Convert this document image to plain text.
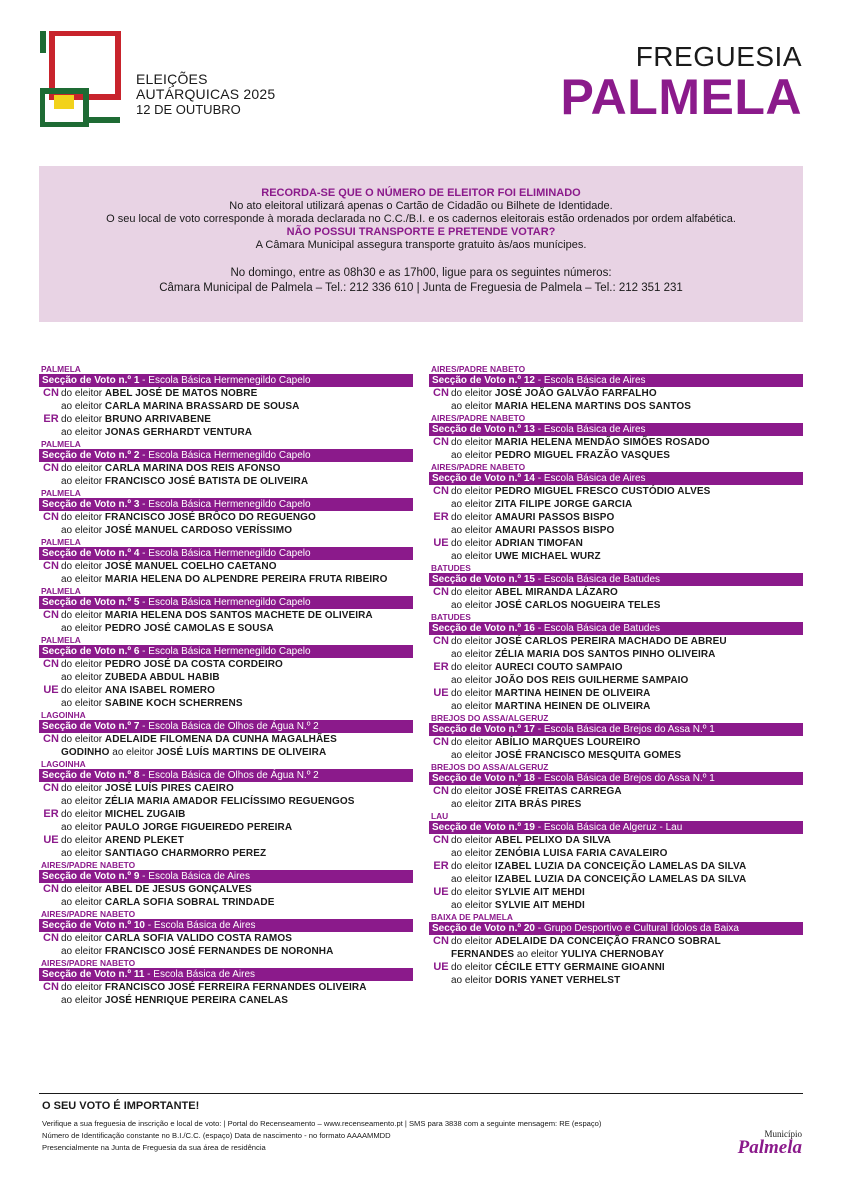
ELEIÇÕES
AUTÁRQUICAS 2025
12 DE OUTUBRO
FREGUESIA
PALMELA
RECORDA-SE QUE O NÚMERO DE ELEITOR FOI ELIMINADO
No ato eleitoral utilizará apenas o Cartão de Cidadão ou Bilhete de Identidade.
O seu local de voto corresponde à morada declarada no C.C./B.I. e os cadernos eleitorais estão ordenados por ordem alfabética.
NÃO POSSUI TRANSPORTE E PRETENDE VOTAR?
A Câmara Municipal assegura transporte gratuito às/aos munícipes.
No domingo, entre as 08h30 e as 17h00, ligue para os seguintes números:
Câmara Municipal de Palmela – Tel.: 212 336 610 | Junta de Freguesia de Palmela – Tel.: 212 351 231
PALMELA
Secção de Voto n.º 1 - Escola Básica Hermenegildo Capelo
CN do eleitor ABEL JOSÉ DE MATOS NOBRE
ao eleitor CARLA MARINA BRASSARD DE SOUSA
ER do eleitor BRUNO ARRIVABENE
ao eleitor JONAS GERHARDT VENTURA
PALMELA
Secção de Voto n.º 2 - Escola Básica Hermenegildo Capelo
CN do eleitor CARLA MARINA DOS REIS AFONSO
ao eleitor FRANCISCO JOSÉ BATISTA DE OLIVEIRA
PALMELA
Secção de Voto n.º 3 - Escola Básica Hermenegildo Capelo
CN do eleitor FRANCISCO JOSÉ BRÔCO DO REGUENGO
ao eleitor JOSÉ MANUEL CARDOSO VERÍSSIMO
PALMELA
Secção de Voto n.º 4 - Escola Básica Hermenegildo Capelo
CN do eleitor JOSÉ MANUEL COELHO CAETANO
ao eleitor MARIA HELENA DO ALPENDRE PEREIRA FRUTA RIBEIRO
PALMELA
Secção de Voto n.º 5 - Escola Básica Hermenegildo Capelo
CN do eleitor MARIA HELENA DOS SANTOS MACHETE DE OLIVEIRA
ao eleitor PEDRO JOSÉ CAMOLAS E SOUSA
PALMELA
Secção de Voto n.º 6 - Escola Básica Hermenegildo Capelo
CN do eleitor PEDRO JOSÉ DA COSTA CORDEIRO
ao eleitor ZUBEDA ABDUL HABIB
UE do eleitor ANA ISABEL ROMERO
ao eleitor SABINE KOCH SCHERRENS
LAGOINHA
Secção de Voto n.º 7 - Escola Básica de Olhos de Água N.º 2
CN do eleitor ADELAIDE FILOMENA DA CUNHA MAGALHÃES
GODINHO ao eleitor JOSÉ LUÍS MARTINS DE OLIVEIRA
LAGOINHA
Secção de Voto n.º 8 - Escola Básica de Olhos de Água N.º 2
CN do eleitor JOSÉ LUÍS PIRES CAEIRO
ao eleitor ZÉLIA MARIA AMADOR FELICÍSSIMO REGUENGOS
ER do eleitor MICHEL ZUGAIB
ao eleitor PAULO JORGE FIGUEIREDO PEREIRA
UE do eleitor AREND PLEKET
ao eleitor SANTIAGO CHARMORRO PEREZ
AIRES/PADRE NABETO
Secção de Voto n.º 9 - Escola Básica de Aires
CN do eleitor ABEL DE JESUS GONÇALVES
ao eleitor CARLA SOFIA SOBRAL TRINDADE
AIRES/PADRE NABETO
Secção de Voto n.º 10 - Escola Básica de Aires
CN do eleitor CARLA SOFIA VALIDO COSTA RAMOS
ao eleitor FRANCISCO JOSÉ FERNANDES DE NORONHA
AIRES/PADRE NABETO
Secção de Voto n.º 11 - Escola Básica de Aires
CN do eleitor FRANCISCO JOSÉ FERREIRA FERNANDES OLIVEIRA
ao eleitor JOSÉ HENRIQUE PEREIRA CANELAS
AIRES/PADRE NABETO
Secção de Voto n.º 12 - Escola Básica de Aires
CN do eleitor JOSÉ JOÃO GALVÃO FARFALHO
ao eleitor MARIA HELENA MARTINS DOS SANTOS
AIRES/PADRE NABETO
Secção de Voto n.º 13 - Escola Básica de Aires
CN do eleitor MARIA HELENA MENDÃO SIMÕES ROSADO
ao eleitor PEDRO MIGUEL FRAZÃO VASQUES
AIRES/PADRE NABETO
Secção de Voto n.º 14 - Escola Básica de Aires
CN do eleitor PEDRO MIGUEL FRESCO CUSTÓDIO ALVES
ao eleitor ZITA FILIPE JORGE GARCIA
ER do eleitor AMAURI PASSOS BISPO
ao eleitor AMAURI PASSOS BISPO
UE do eleitor ADRIAN TIMOFAN
ao eleitor UWE MICHAEL WURZ
BATUDES
Secção de Voto n.º 15 - Escola Básica de Batudes
CN do eleitor ABEL MIRANDA LÁZARO
ao eleitor JOSÉ CARLOS NOGUEIRA TELES
BATUDES
Secção de Voto n.º 16 - Escola Básica de Batudes
CN do eleitor JOSÉ CARLOS PEREIRA MACHADO DE ABREU
ao eleitor ZÉLIA MARIA DOS SANTOS PINHO OLIVEIRA
ER do eleitor AURECI COUTO SAMPAIO
ao eleitor JOÃO DOS REIS GUILHERME SAMPAIO
UE do eleitor MARTINA HEINEN DE OLIVEIRA
ao eleitor MARTINA HEINEN DE OLIVEIRA
BREJOS DO ASSA/ALGERUZ
Secção de Voto n.º 17 - Escola Básica de Brejos do Assa N.º 1
CN do eleitor ABÍLIO MARQUES LOUREIRO
ao eleitor JOSÉ FRANCISCO MESQUITA GOMES
BREJOS DO ASSA/ALGERUZ
Secção de Voto n.º 18 - Escola Básica de Brejos do Assa N.º 1
CN do eleitor JOSÉ FREITAS CARREGA
ao eleitor ZITA BRÁS PIRES
LAU
Secção de Voto n.º 19 - Escola Básica de Algeruz - Lau
CN do eleitor ABEL PELIXO DA SILVA
ao eleitor ZENÓBIA LUISA FARIA CAVALEIRO
ER do eleitor IZABEL LUZIA DA CONCEIÇÃO LAMELAS DA SILVA
ao eleitor IZABEL LUZIA DA CONCEIÇÃO LAMELAS DA SILVA
UE do eleitor SYLVIE AIT MEHDI
ao eleitor SYLVIE AIT MEHDI
BAIXA DE PALMELA
Secção de Voto n.º 20 - Grupo Desportivo e Cultural Ídolos da Baixa
CN do eleitor ADELAIDE DA CONCEIÇÃO FRANCO SOBRAL
FERNANDES ao eleitor YULIYA CHERNOBAY
UE do eleitor CÉCILE ETTY GERMAINE GIOANNI
ao eleitor DORIS YANET VERHELST
O SEU VOTO É IMPORTANTE!
Verifique a sua freguesia de inscrição e local de voto: | Portal do Recenseamento – www.recenseamento.pt | SMS para 3838 com a seguinte mensagem: RE (espaço)
Número de Identificação constante no B.I./C.C. (espaço) Data de nascimento - no formato AAAAMMDD
Presencialmente na Junta de Freguesia da sua área de residência
Município
Palmela
